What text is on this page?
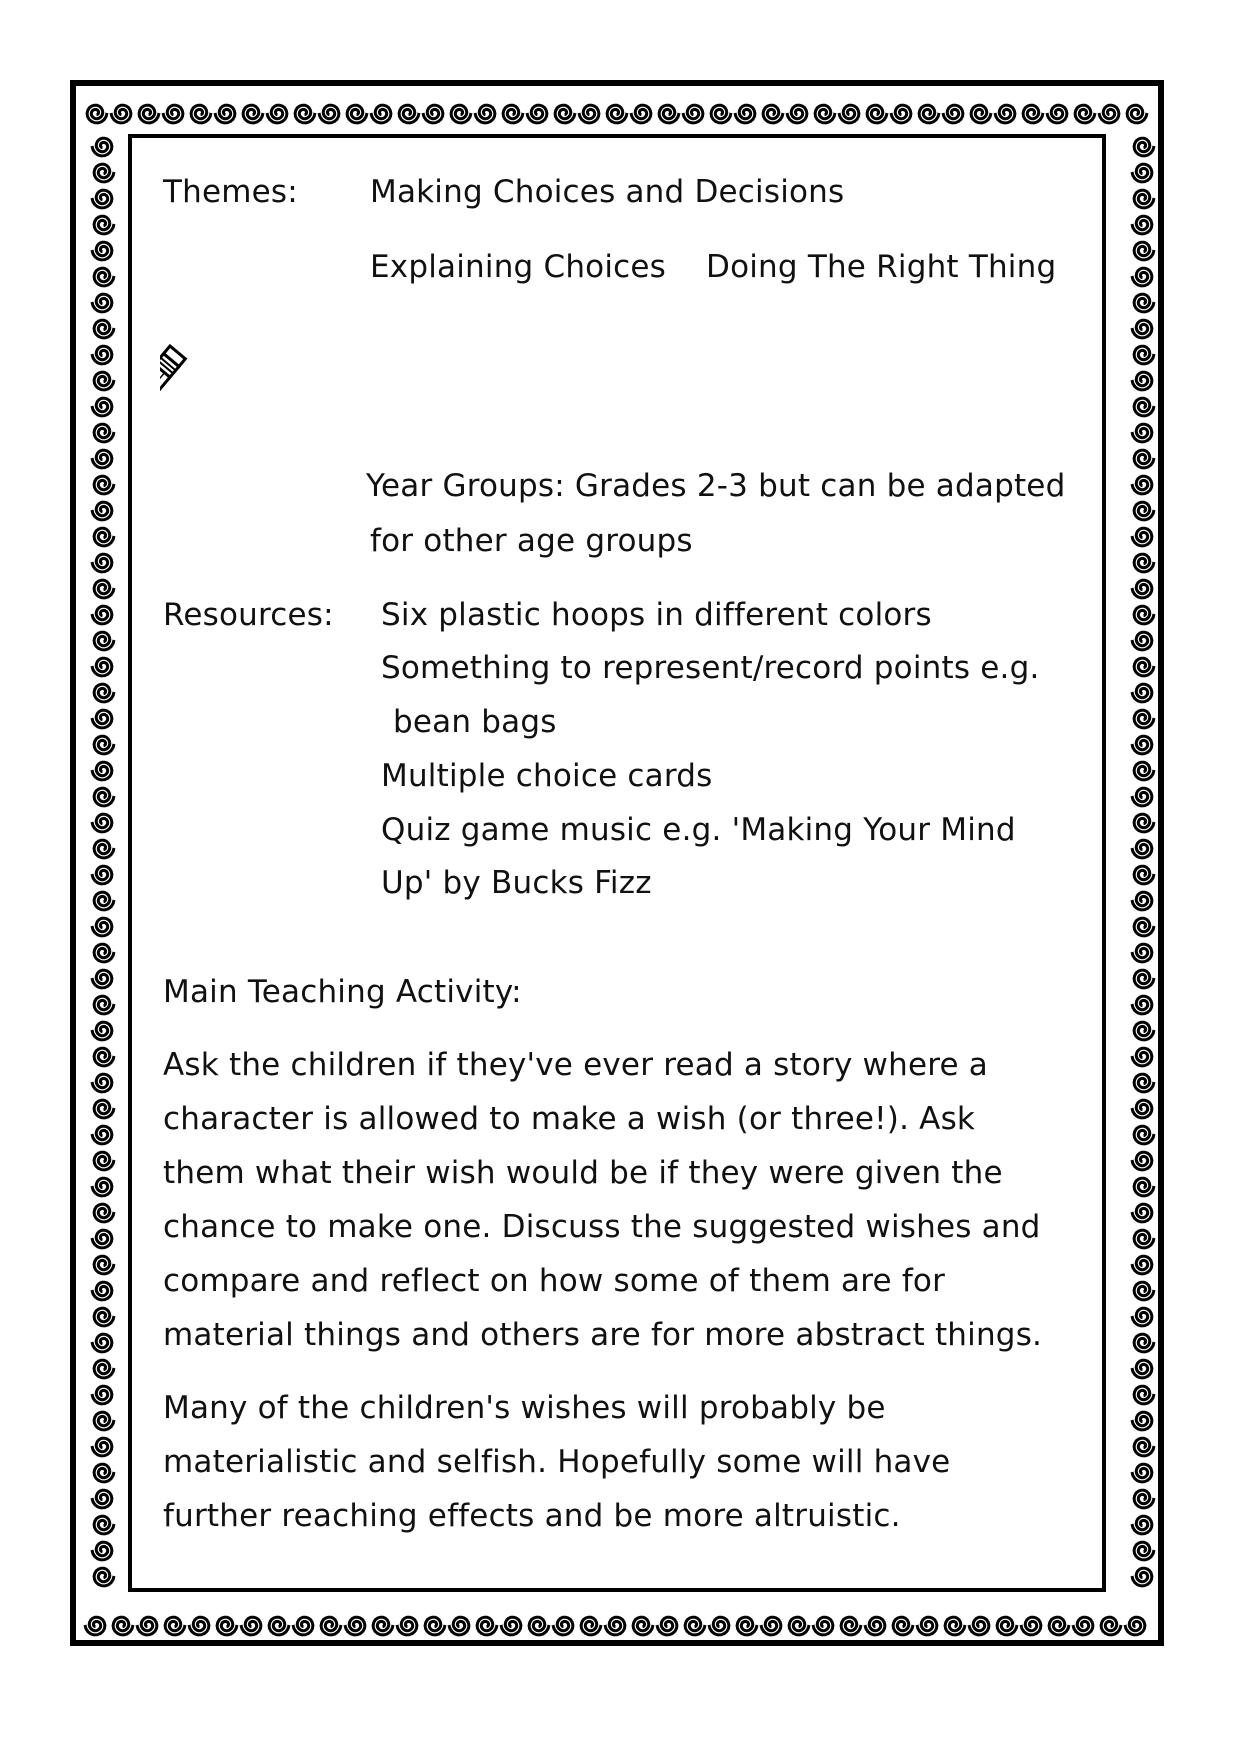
Themes: Making Choices and Decisions
Explaining Choices Doing The Right Thing
Year Groups: Grades 2-3 but can be adapted
for other age groups
Resources: Six plastic hoops in different colors
Something to represent/record points e.g.
bean bags
Multiple choice cards
Quiz game music e.g. 'Making Your Mind
Up' by Bucks Fizz
Main Teaching Activity:
Ask the children if they've ever read a story where a
character is allowed to make a wish (or three!). Ask
them what their wish would be if they were given the
chance to make one. Discuss the suggested wishes and
compare and reflect on how some of them are for
material things and others are for more abstract things.
Many of the children's wishes will probably be
materialistic and selfish. Hopefully some will have
further reaching effects and be more altruistic.
